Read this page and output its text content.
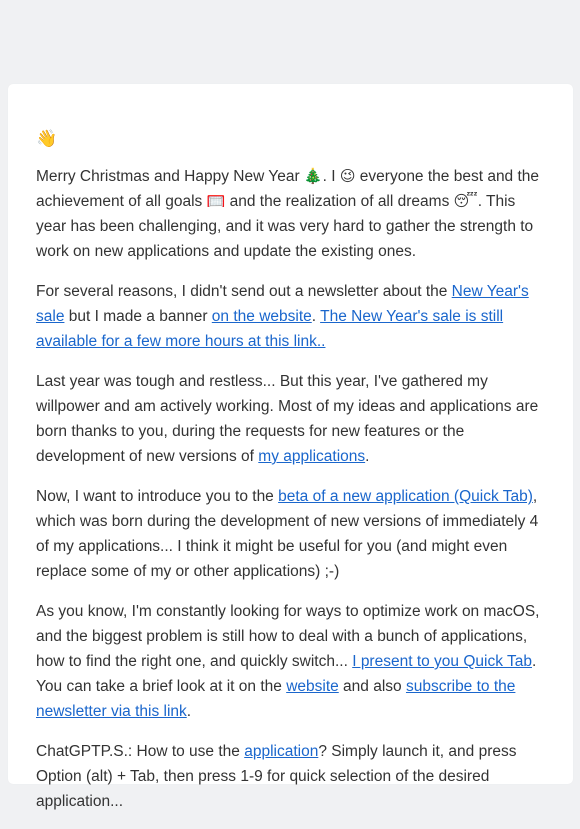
👋

Merry Christmas and Happy New Year 🎄. I 😉 everyone the best and the achievement of all goals 🥅 and the realization of all dreams 😴. This year has been challenging, and it was very hard to gather the strength to work on new applications and update the existing ones.

For several reasons, I didn't send out a newsletter about the New Year's sale but I made a banner on the website. The New Year's sale is still available for a few more hours at this link..

Last year was tough and restless... But this year, I've gathered my willpower and am actively working. Most of my ideas and applications are born thanks to you, during the requests for new features or the development of new versions of my applications.

Now, I want to introduce you to the beta of a new application (Quick Tab), which was born during the development of new versions of immediately 4 of my applications... I think it might be useful for you (and might even replace some of my or other applications) ;-)

As you know, I'm constantly looking for ways to optimize work on macOS, and the biggest problem is still how to deal with a bunch of applications, how to find the right one, and quickly switch... I present to you Quick Tab. You can take a brief look at it on the website and also subscribe to the newsletter via this link.

ChatGPTP.S.: How to use the application? Simply launch it, and press Option (alt) + Tab, then press 1-9 for quick selection of the desired application...
